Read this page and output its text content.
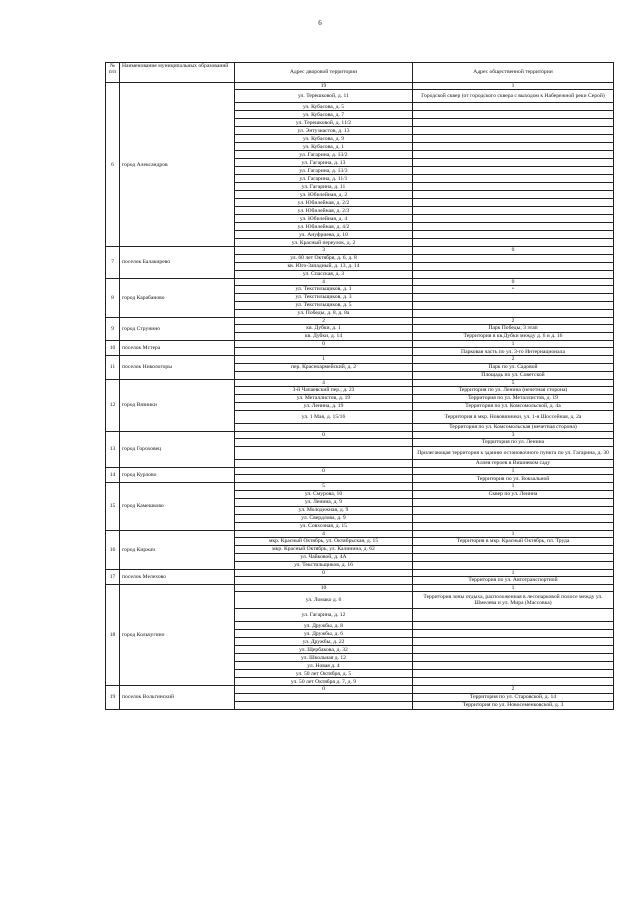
6
№ п/п	Наименование муниципальных образований	Адрес дворовой территории	Адрес общественной территории
6	город Александров	19	1
		ул. Терешковой, д. 11	Городской сквер (от городского сквера с выходом к Набережной реки Серой)
		ул. Кубасова, д. 5	
		ул. Кубасова, д. 7	
		ул. Терешковой, д. 11/2	
		ул. Энтузиастов, д. 13	
		ул. Кубасова, д. 9	
		ул. Кубасова, д. 1	
		ул. Гагарина, д. 13/2	
		ул. Гагарина, д. 13	
		ул. Гагарина, д. 13/3	
		ул. Гагарина, д. 11/1	
		ул. Гагарина, д. 11	
		ул. Юбилейная, д. 2	
		ул. Юбилейная, д. 2/2	
		ул. Юбилейная, д. 2/3	
		ул. Юбилейная, д. 4	
		ул. Юбилейная, д. 4/2	
		ул. Ануфриева, д. 10	
		ул. Красный переулок, д. 2	
7	поселок Балакирево	3	0
		ул. 60 лет Октября, д. 6, д. 8	
		кв. Юго-Западный, д. 13, д. 14	
		ул. Спасская, д. 3	
8	город Карабаново	4	0
		ул. Текстильщиков, д. 1	•
		ул. Текстильщиков, д. 3	
		ул. Текстильщиков, д. 5	
		ул. Победы, д. 8, д. 8а	
9	город Струнино	2	2
		кв. Дубки, д. 1	Парк Победы, 3 этап
		кв. Дубки, д. 14	Территория в кв.Дубки между д. 6 и д. 16
10	поселок Мстера	0	1
			Парковая часть по ул. 3-го Интернационала
11	поселок Никологоры	1	2
		пер. Красноармейский, д. 2	Парк по ул. Садовой
			Площадь по ул. Советской
12	город Вязники	4	5
		3-й Чапаевский пер., д. 23	Территория по ул. Ленина (нечетная сторона)
		ул. Металлистов, д. 19	Территория по ул. Металлистов, д. 19
		ул. Ленина, д. 19	Территория по ул. Комсомольской, д. 4а
		ул. 1 Мая, д. 15/16	Территория в мкр. Нововязники, ул. 1-я Шоссейная, д. 2а
			Территория по ул. Комсомольская (нечетная сторона)
13	город Гороховец	0	3
			Территория по ул. Ленина
			Прилегающая территория к зданию остановочного пункта по ул. Гагарина, д. 30
			Аллея героев в Вишневом саду
14	город Курлово	0	1
			Территория по ул. Вокзальной
15	город Камешково	5	1
		ул. Смурова, 10	Сквер по ул. Ленина
		ул. Ленина, д. 9	
		ул. Молодежная, д. 9	
		ул. Свердлова, д. 9	
		ул. Совхозная, д. 15	
16	город Киржач	4	1
		мкр. Красный Октябрь, ул. Октябрьская, д. 15	Территория в мкр. Красный Октябрь, пл. Труда
		мкр. Красный Октябрь, ул. Калинина, д. 62	
		ул. Чайковой, д. 4А	
		ул. Текстильщиков, д. 16	
17	поселок Мелехово	0	1
			Территория по ул. Автотранспортной
18	город Кольчугино	10	1
		ул. Ломако д. 6	Территория зоны отдыха, расположенная в лесопарковой полосе между ул. Шмелева и ул. Мира (Массовка)
		ул. Гагарина, д. 12	
		ул. Дружбы, д. 8	
		ул. Дружбы, д. 6	
		ул. Дружбы, д. 22	
		ул. Щербакова, д. 32	
		ул. Школьная д. 12	
		ул. Новая д. 4	
		ул. 50 лет Октября, д. 5	
		ул. 50 лет Октября д. 7, д. 9	
19	поселок Вольгинский	0	2
			Территория по ул. Старовской, д. 14
			Территория по ул. Новосеменковской, д. 3
